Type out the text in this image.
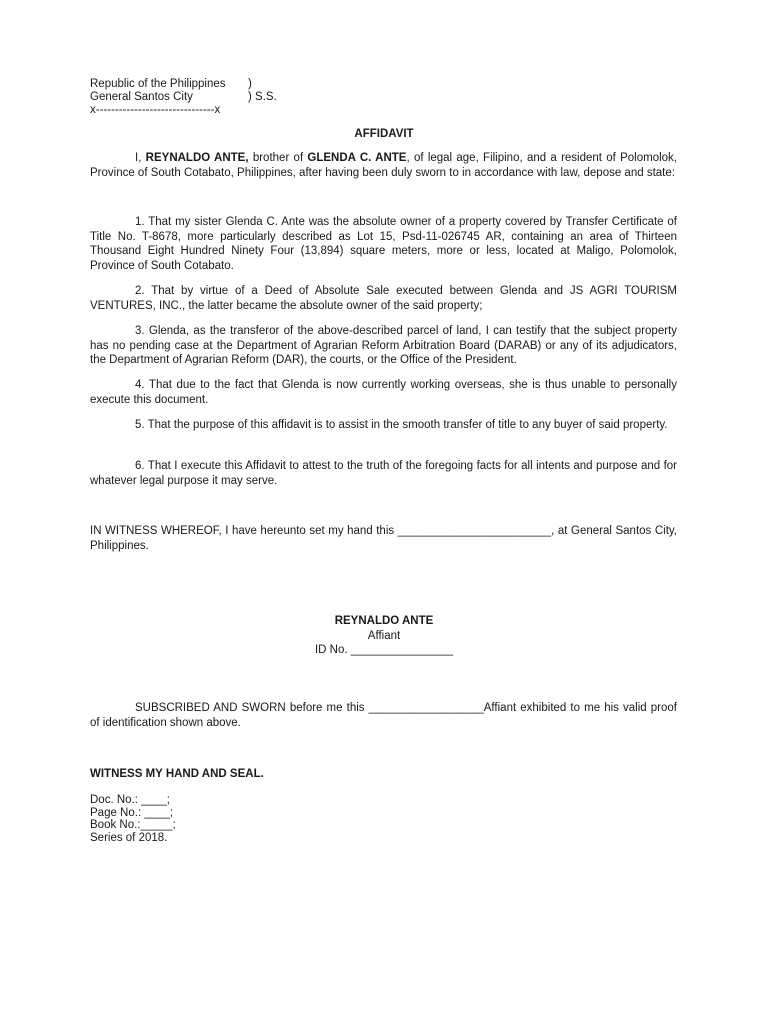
Republic of the Philippines )
General Santos City	) S.S.
x-------------------------------x
AFFIDAVIT

I, REYNALDO ANTE, brother of GLENDA C. ANTE, of legal age, Filipino, and a resident of Polomolok, Province of South Cotabato, Philippines, after having been duly sworn to in accordance with law, depose and state:

1. That my sister Glenda C. Ante was the absolute owner of a property covered by Transfer Certificate of Title No. T-8678, more particularly described as Lot 15, Psd-11-026745 AR, containing an area of Thirteen Thousand Eight Hundred Ninety Four (13,894) square meters, more or less, located at Maligo, Polomolok, Province of South Cotabato.

2. That by virtue of a Deed of Absolute Sale executed between Glenda and JS AGRI TOURISM VENTURES, INC., the latter became the absolute owner of the said property;

3. Glenda, as the transferor of the above-described parcel of land, I can testify that the subject property has no pending case at the Department of Agrarian Reform Arbitration Board (DARAB) or any of its adjudicators, the Department of Agrarian Reform (DAR), the courts, or the Office of the President.

4. That due to the fact that Glenda is now currently working overseas, she is thus unable to personally execute this document.

5. That the purpose of this affidavit is to assist in the smooth transfer of title to any buyer of said property.

6. That I execute this Affidavit to attest to the truth of the foregoing facts for all intents and purpose and for whatever legal purpose it may serve.

IN WITNESS WHEREOF, I have hereunto set my hand this ________________________, at General Santos City, Philippines.

REYNALDO ANTE
Affiant
ID No. ________________

SUBSCRIBED AND SWORN before me this __________________Affiant exhibited to me his valid proof of identification shown above.

WITNESS MY HAND AND SEAL.
Doc. No.: ____;
Page No.: ____;
Book No.:_____;
Series of 2018.
